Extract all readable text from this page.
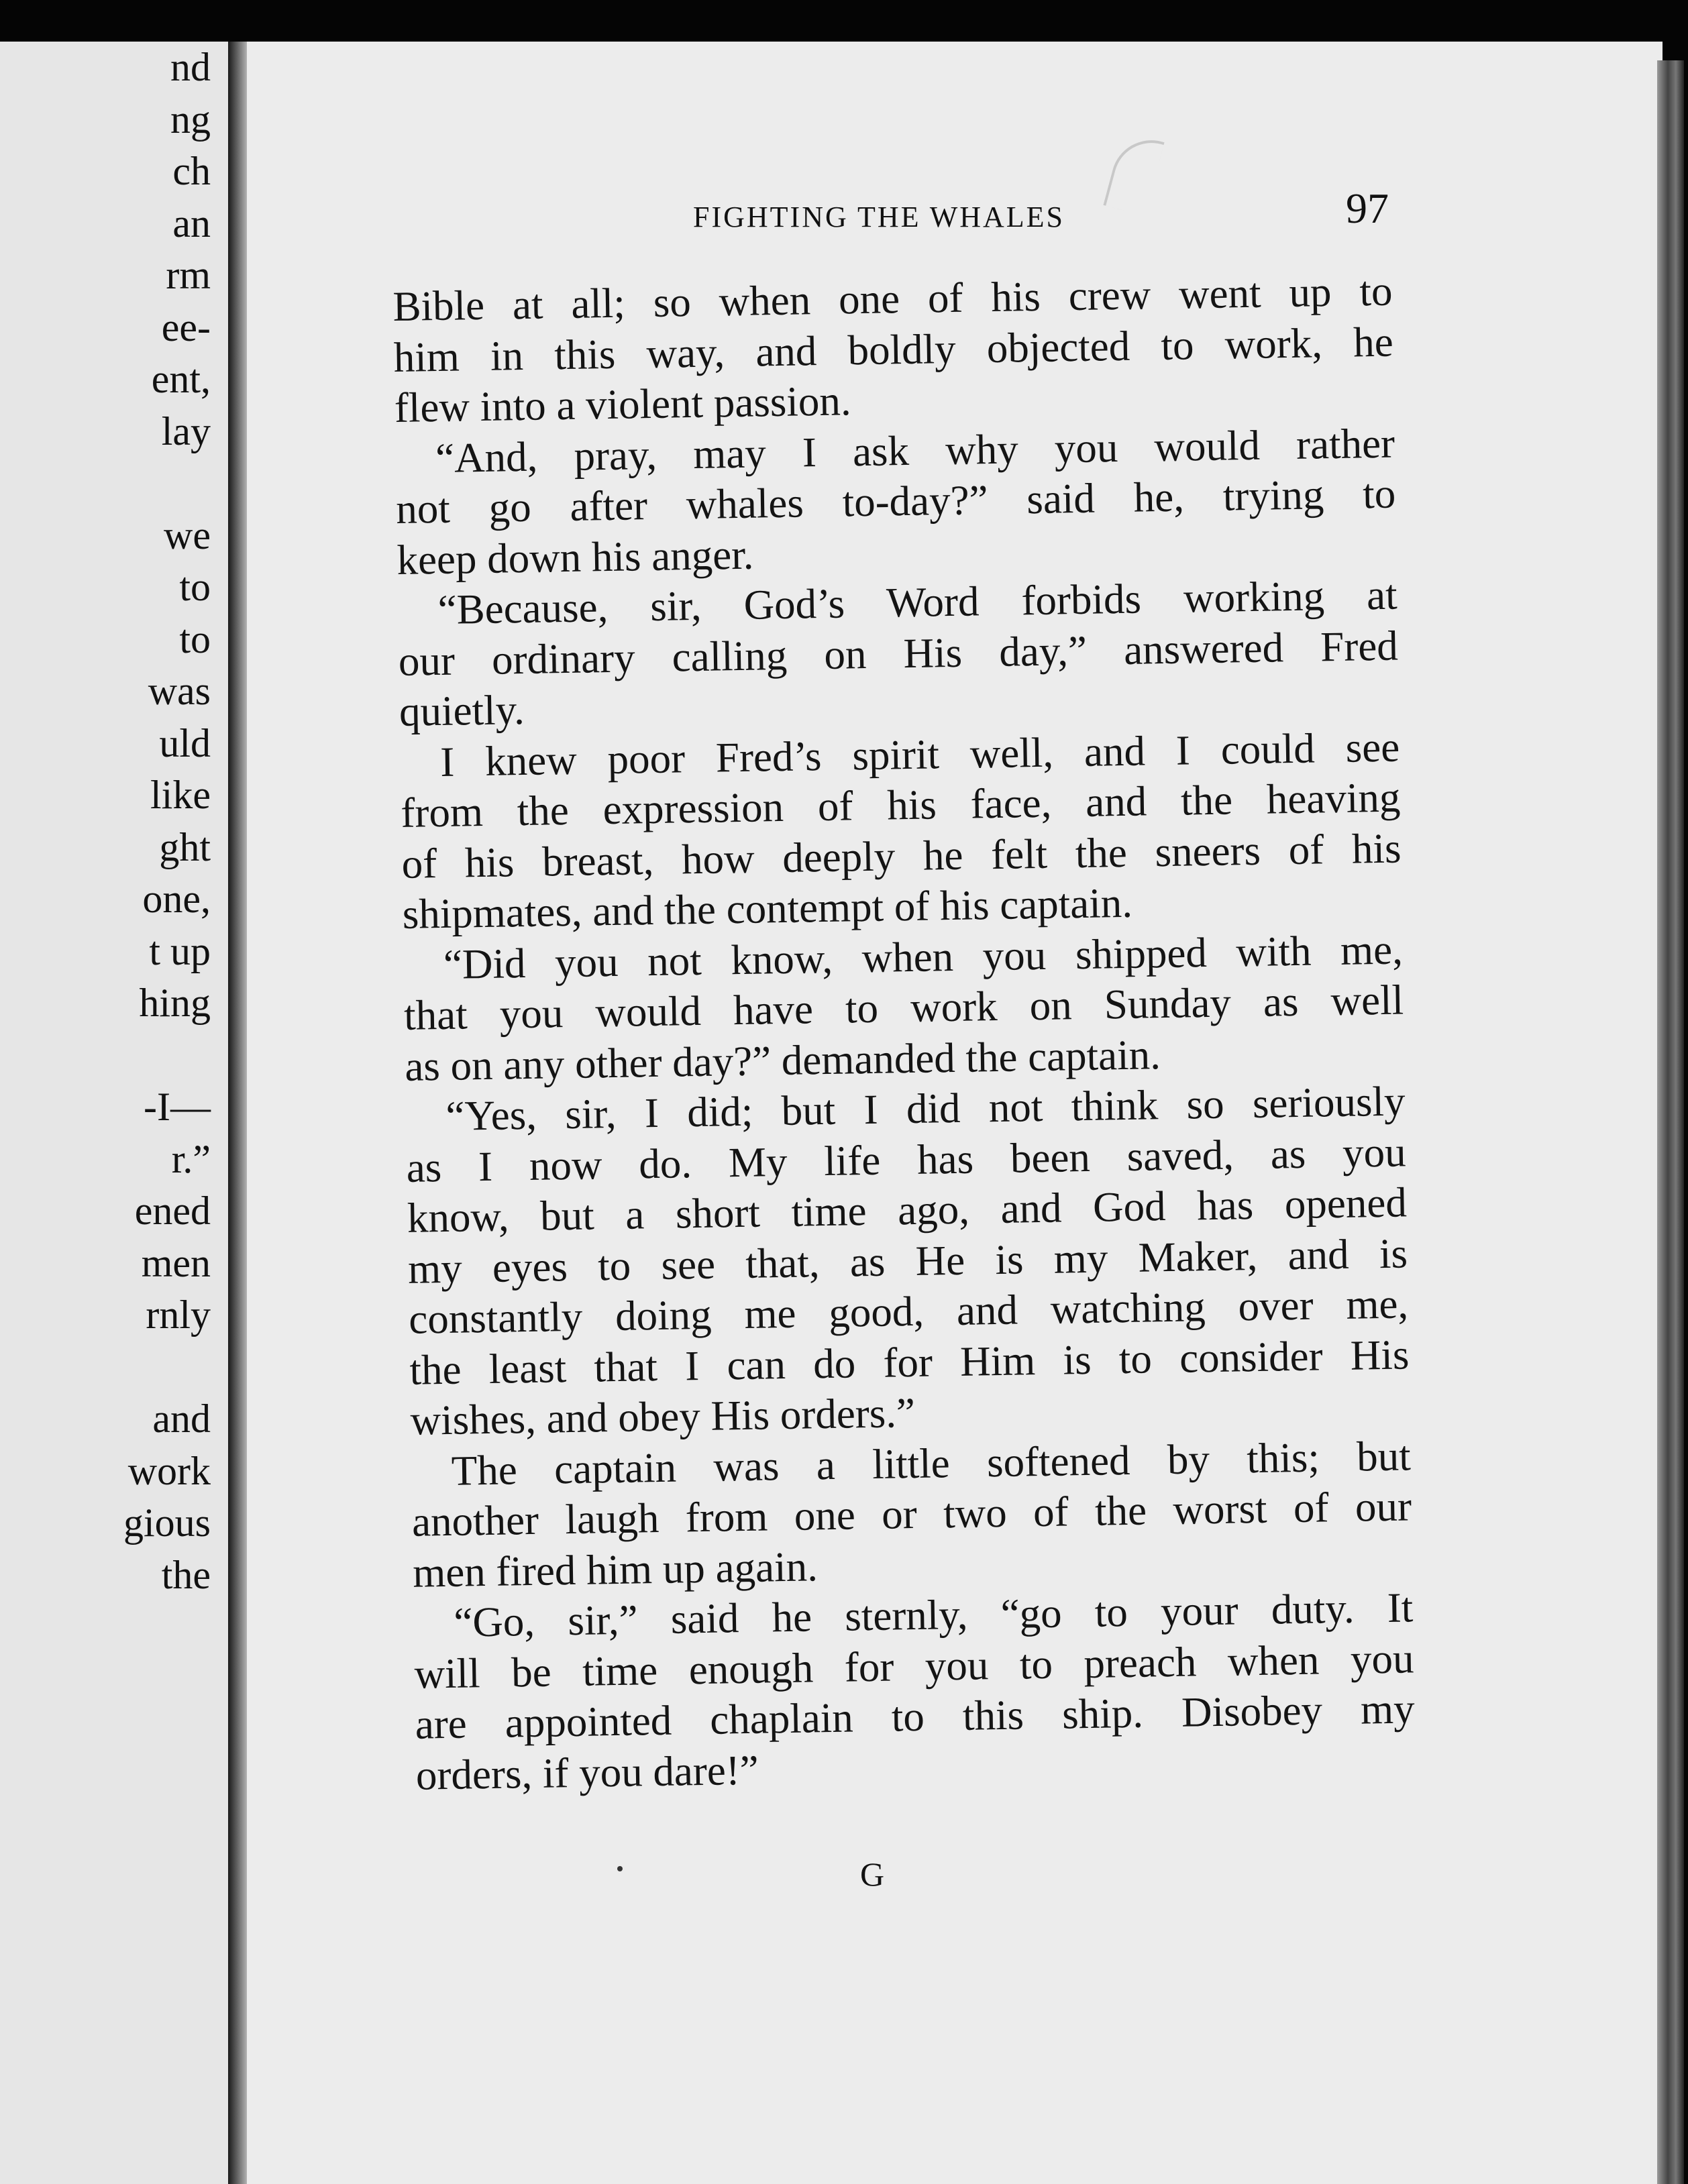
nd
ng
ch
an
rm
ee-
ent,
lay
we
to
to
was
uld
like
ght
one,
t up
hing
-I—
r.”
ened
men
rnly
and
work
gious
the
FIGHTING THE WHALES	97
Bible at all; so when one of his crew went up to
him in this way, and boldly objected to work, he
flew into a violent passion.
“And, pray, may I ask why you would rather
not go after whales to-day?” said he, trying to
keep down his anger.
“Because, sir, God’s Word forbids working at
our ordinary calling on His day,” answered Fred
quietly.
I knew poor Fred’s spirit well, and I could see
from the expression of his face, and the heaving
of his breast, how deeply he felt the sneers of his
shipmates, and the contempt of his captain.
“Did you not know, when you shipped with me,
that you would have to work on Sunday as well
as on any other day?” demanded the captain.
“Yes, sir, I did; but I did not think so seriously
as I now do. My life has been saved, as you
know, but a short time ago, and God has opened
my eyes to see that, as He is my Maker, and is
constantly doing me good, and watching over me,
the least that I can do for Him is to consider His
wishes, and obey His orders.”
The captain was a little softened by this; but
another laugh from one or two of the worst of our
men fired him up again.
“Go, sir,” said he sternly, “go to your duty. It
will be time enough for you to preach when you
are appointed chaplain to this ship. Disobey my
orders, if you dare!”
G
